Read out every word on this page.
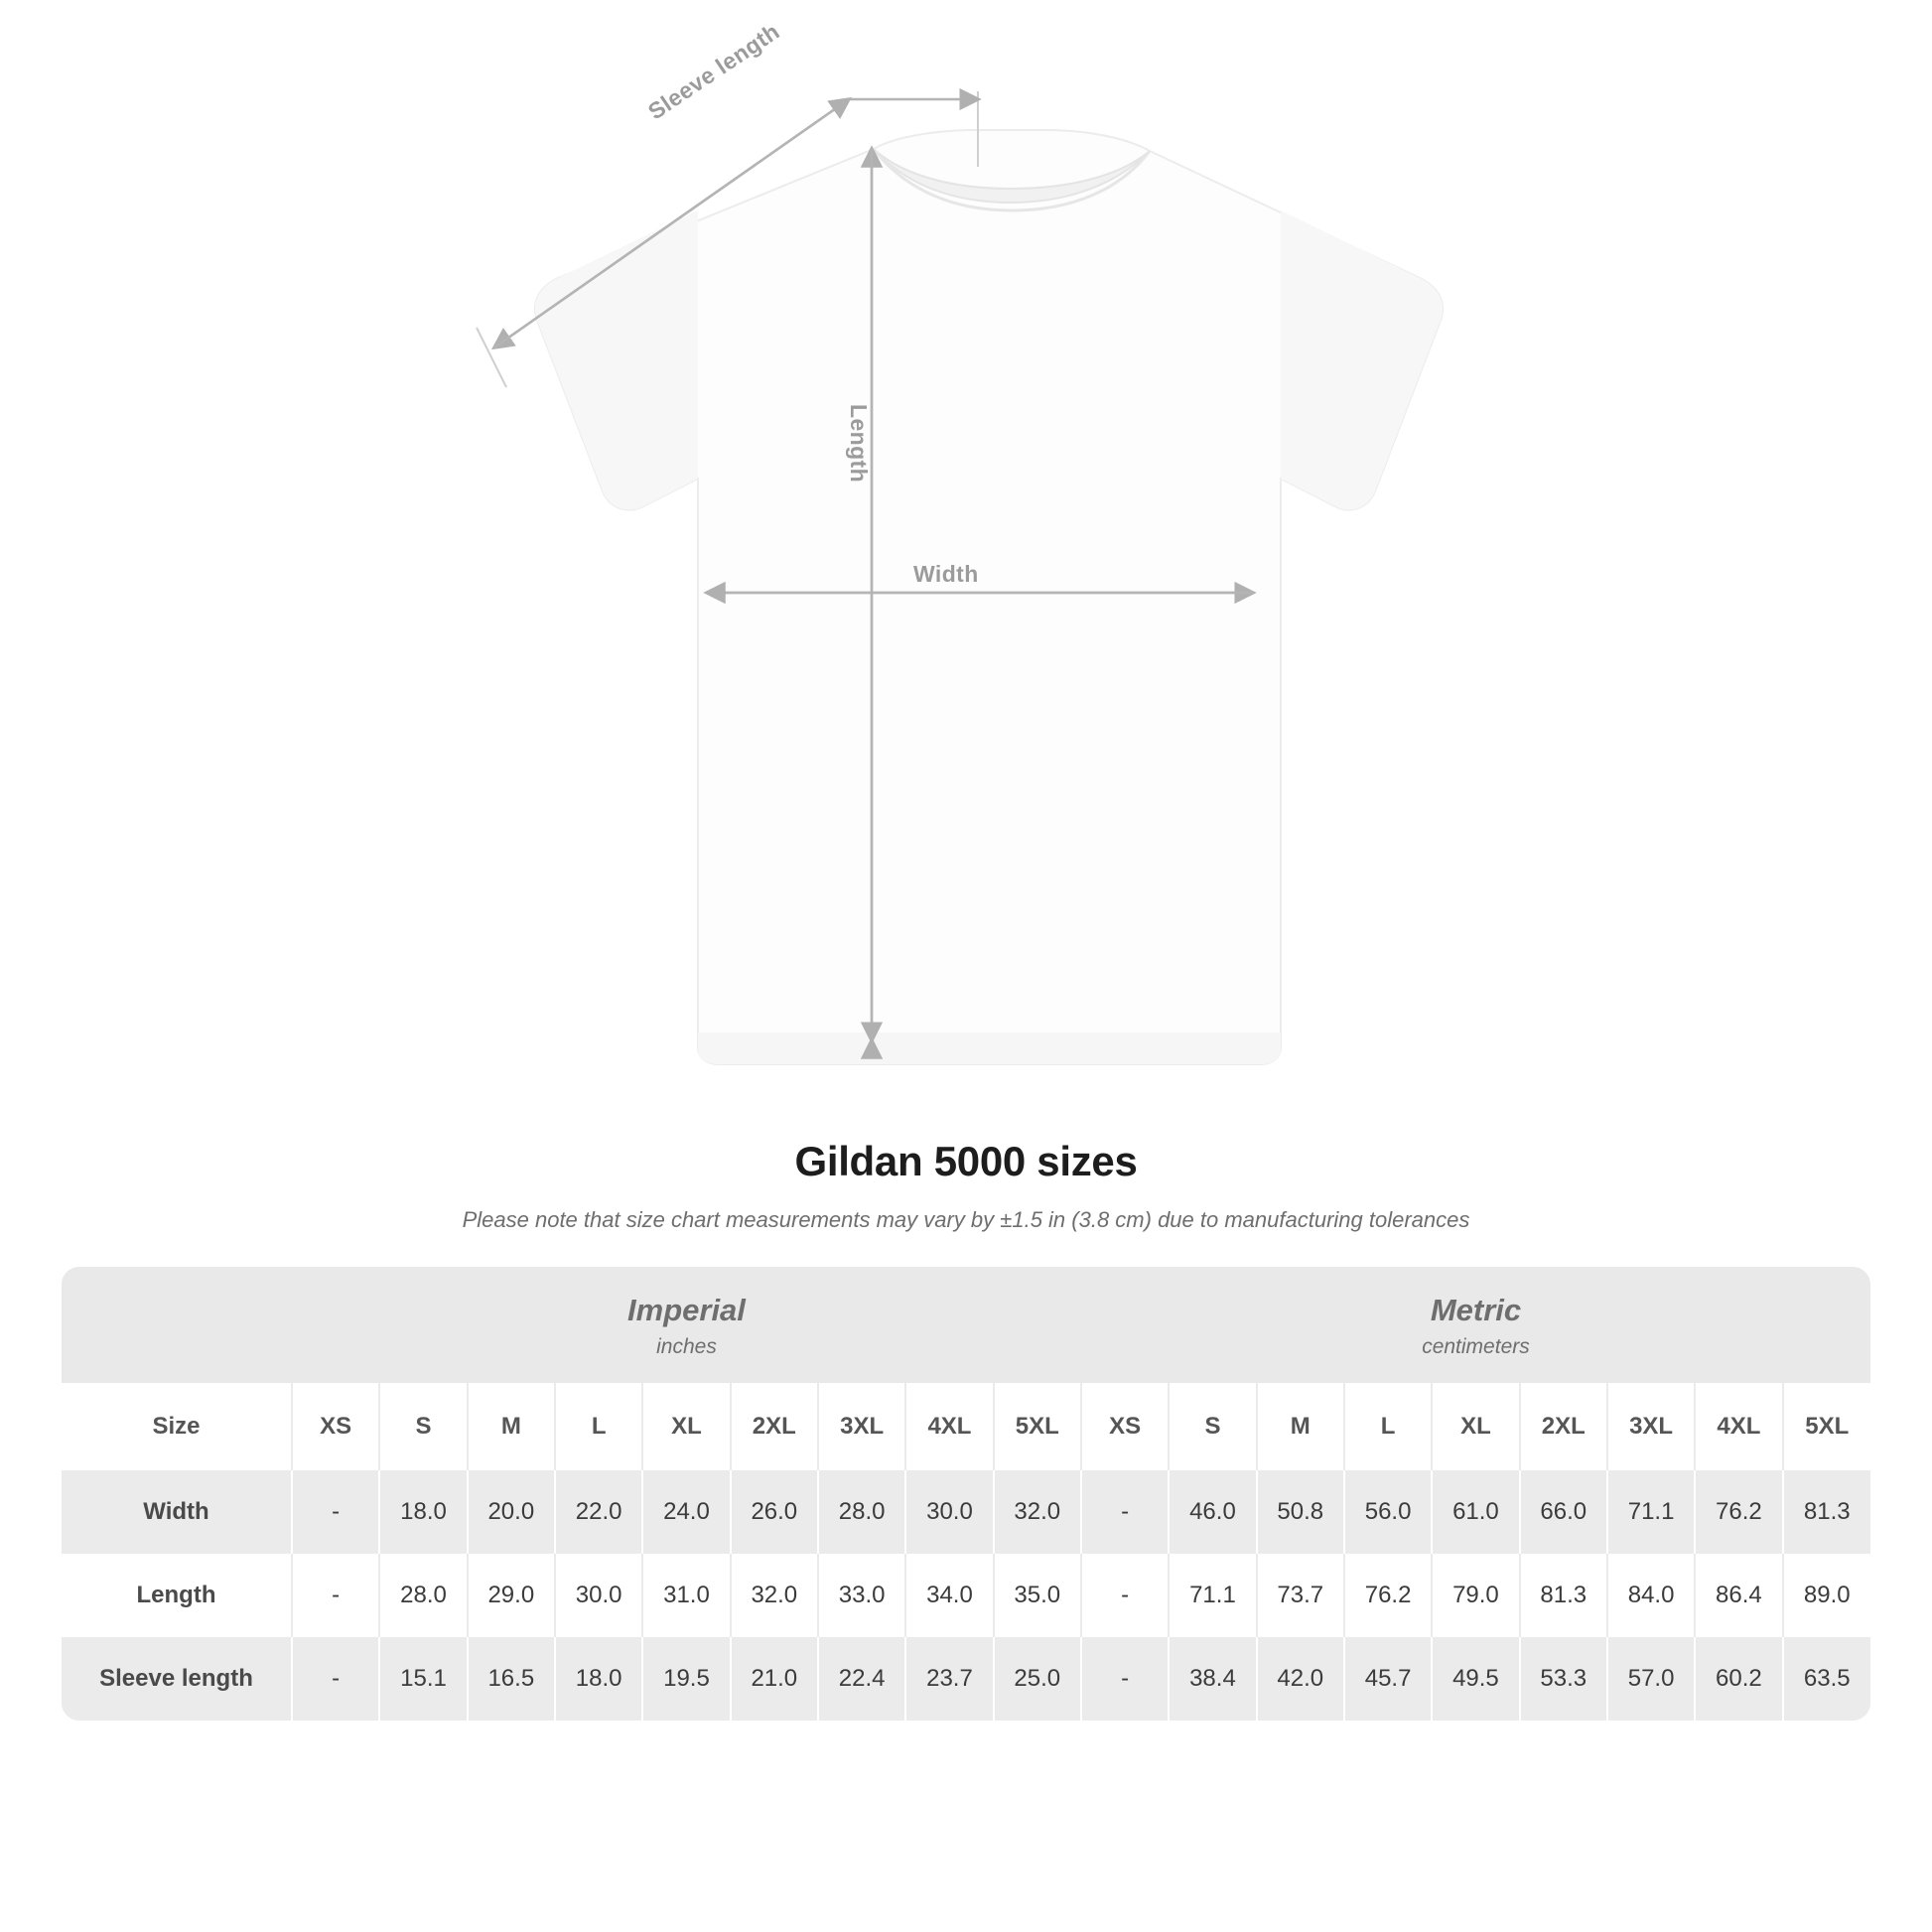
Sleeve length
Length
Width
Gildan 5000 sizes
Please note that size chart measurements may vary by ±1.5 in (3.8 cm) due to manufacturing tolerances

Imperial
inches

Metric
centimeters

Size	XS	S	M	L	XL	2XL	3XL	4XL	5XL	XS	S	M	L	XL	2XL	3XL	4XL	5XL
Width	-	18.0	20.0	22.0	24.0	26.0	28.0	30.0	32.0	-	46.0	50.8	56.0	61.0	66.0	71.1	76.2	81.3
Length	-	28.0	29.0	30.0	31.0	32.0	33.0	34.0	35.0	-	71.1	73.7	76.2	79.0	81.3	84.0	86.4	89.0
Sleeve length	-	15.1	16.5	18.0	19.5	21.0	22.4	23.7	25.0	-	38.4	42.0	45.7	49.5	53.3	57.0	60.2	63.5
